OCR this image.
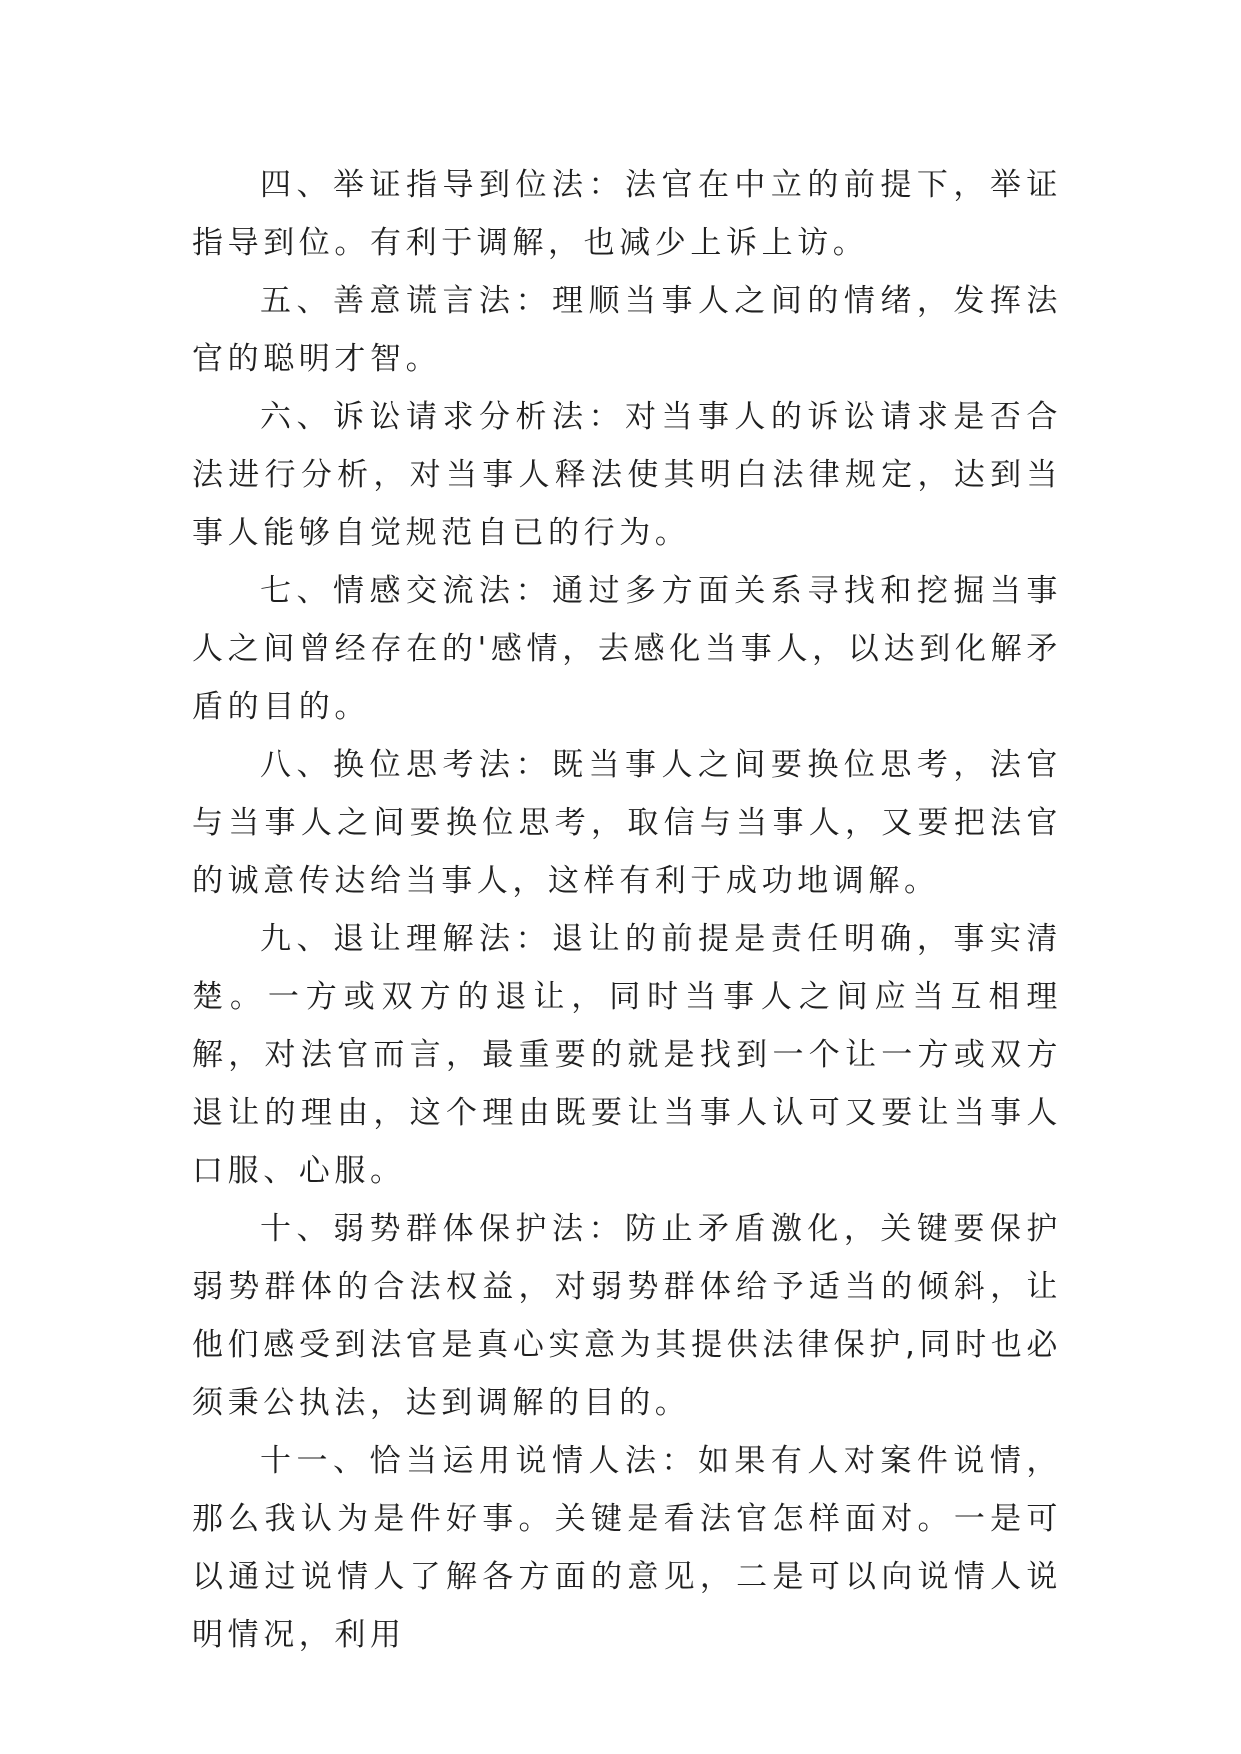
四、举证指导到位法：法官在中立的前提下，举证指导到位。有利于调解，也减少上诉上访。

五、善意谎言法：理顺当事人之间的情绪，发挥法官的聪明才智。

六、诉讼请求分析法：对当事人的诉讼请求是否合法进行分析，对当事人释法使其明白法律规定，达到当事人能够自觉规范自已的行为。

七、情感交流法：通过多方面关系寻找和挖掘当事人之间曾经存在的'感情，去感化当事人，以达到化解矛盾的目的。

八、换位思考法：既当事人之间要换位思考，法官与当事人之间要换位思考，取信与当事人，又要把法官的诚意传达给当事人，这样有利于成功地调解。

九、退让理解法：退让的前提是责任明确，事实清楚。一方或双方的退让，同时当事人之间应当互相理解，对法官而言，最重要的就是找到一个让一方或双方退让的理由，这个理由既要让当事人认可又要让当事人口服、心服。

十、弱势群体保护法：防止矛盾激化，关键要保护弱势群体的合法权益，对弱势群体给予适当的倾斜，让他们感受到法官是真心实意为其提供法律保护,同时也必须秉公执法，达到调解的目的。

十一、恰当运用说情人法：如果有人对案件说情，那么我认为是件好事。关键是看法官怎样面对。一是可以通过说情人了解各方面的意见，二是可以向说情人说明情况，利用
